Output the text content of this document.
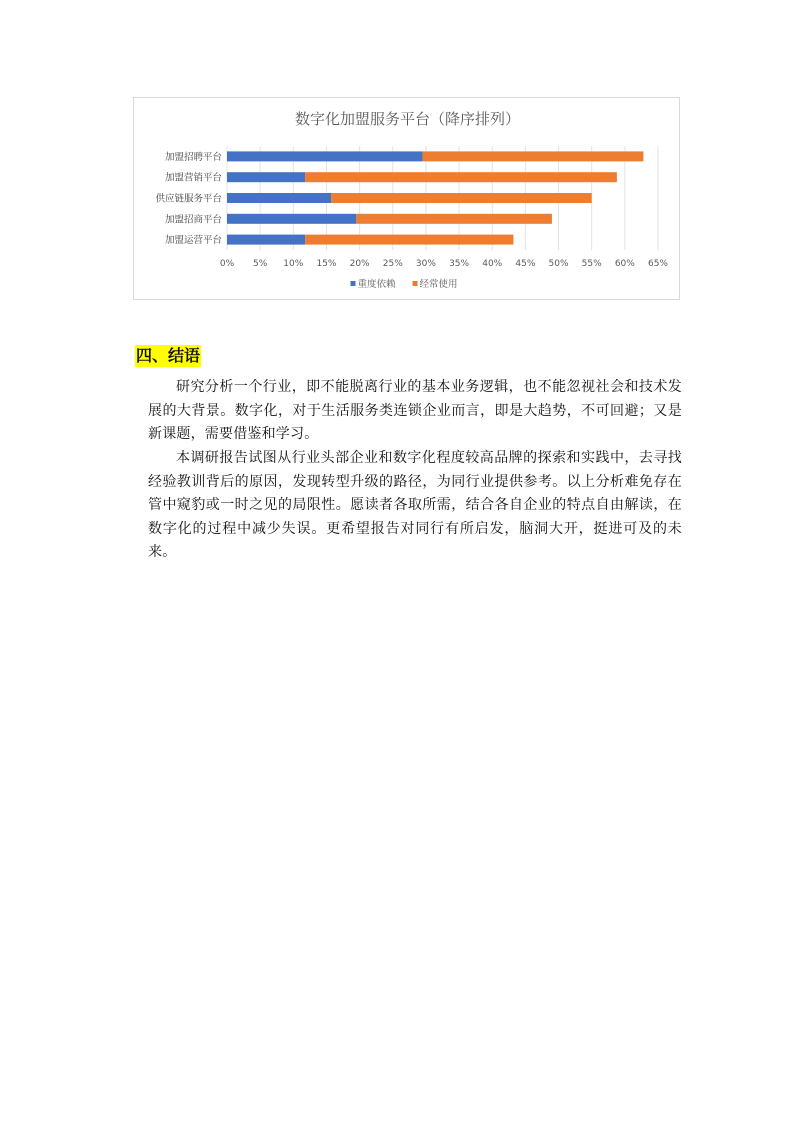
数字化加盟服务平台（降序排列）
加盟招聘平台
加盟营销平台
供应链服务平台
加盟招商平台
加盟运营平台
0% 5% 10% 15% 20% 25% 30% 35% 40% 45% 50% 55% 60% 65%
重度依赖	经常使用
四、结语

研究分析一个行业，即不能脱离行业的基本业务逻辑，也不能忽视社会和技术发展的大背景。数字化，对于生活服务类连锁企业而言，即是大趋势，不可回避；又是新课题，需要借鉴和学习。

本调研报告试图从行业头部企业和数字化程度较高品牌的探索和实践中，去寻找经验教训背后的原因，发现转型升级的路径，为同行业提供参考。以上分析难免存在管中窥豹或一时之见的局限性。愿读者各取所需，结合各自企业的特点自由解读，在数字化的过程中减少失误。更希望报告对同行有所启发，脑洞大开，挺进可及的未来。
